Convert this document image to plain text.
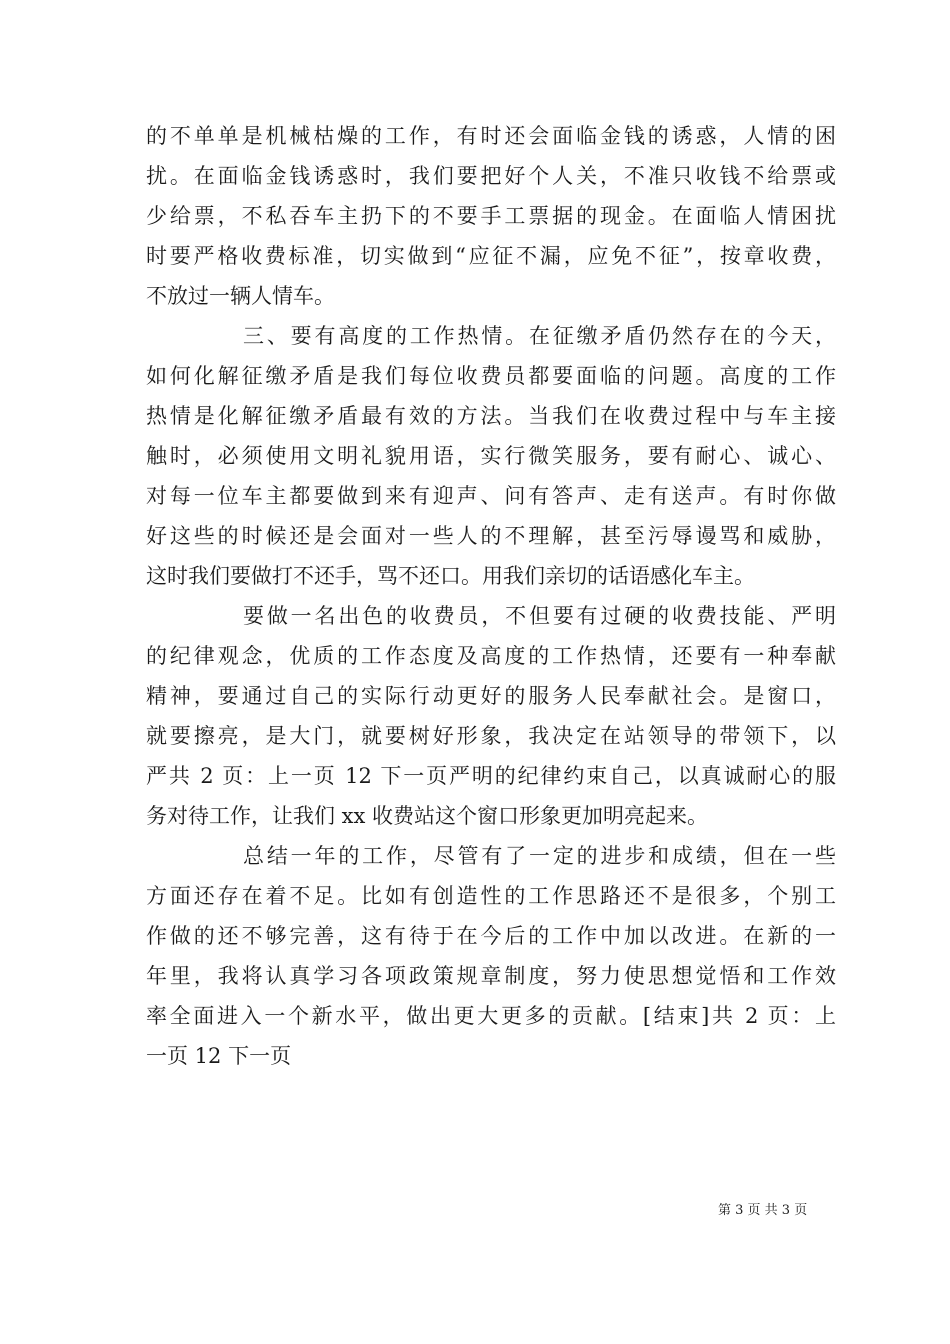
的不单单是机械枯燥的工作，有时还会面临金钱的诱惑，人情的困
扰。在面临金钱诱惑时，我们要把好个人关，不准只收钱不给票或
少给票，不私吞车主扔下的不要手工票据的现金。在面临人情困扰
时要严格收费标准，切实做到“应征不漏，应免不征”，按章收费，
不放过一辆人情车。
三、要有高度的工作热情。在征缴矛盾仍然存在的今天，
如何化解征缴矛盾是我们每位收费员都要面临的问题。高度的工作
热情是化解征缴矛盾最有效的方法。当我们在收费过程中与车主接
触时，必须使用文明礼貌用语，实行微笑服务，要有耐心、诚心、
对每一位车主都要做到来有迎声、问有答声、走有送声。有时你做
好这些的时候还是会面对一些人的不理解，甚至污辱谩骂和威胁，
这时我们要做打不还手，骂不还口。用我们亲切的话语感化车主。
要做一名出色的收费员，不但要有过硬的收费技能、严明
的纪律观念，优质的工作态度及高度的工作热情，还要有一种奉献
精神，要通过自己的实际行动更好的服务人民奉献社会。是窗口，
就要擦亮，是大门，就要树好形象，我决定在站领导的带领下，以
严共 2 页：上一页 12 下一页严明的纪律约束自己，以真诚耐心的服
务对待工作，让我们 xx 收费站这个窗口形象更加明亮起来。
总结一年的工作，尽管有了一定的进步和成绩，但在一些
方面还存在着不足。比如有创造性的工作思路还不是很多，个别工
作做的还不够完善，这有待于在今后的工作中加以改进。在新的一
年里，我将认真学习各项政策规章制度，努力使思想觉悟和工作效
率全面进入一个新水平，做出更大更多的贡献。[结束]共 2 页：上
一页 12 下一页
第 3 页 共 3 页
